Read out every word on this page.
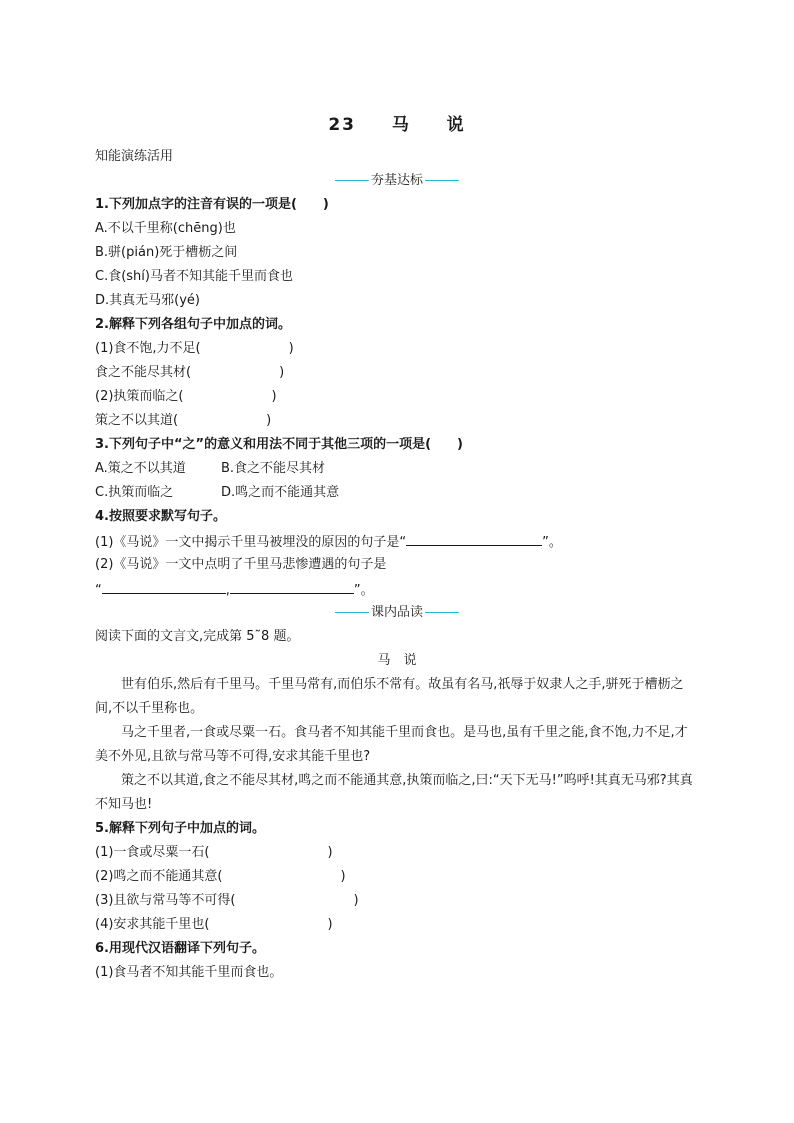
23 马 说
知能演练活用
夯基达标
1.下列加点字的注音有误的一项是(　　)
A.不以千里称(chēng)也
B.骈(pián)死于槽枥之间
C.食(shí)马者不知其能千里而食也
D.其真无马邪(yé)
2.解释下列各组句子中加点的词。
(1)食不饱,力不足(	)
食之不能尽其材(	)
(2)执策而临之(	)
策之不以其道(	)
3.下列句子中“之”的意义和用法不同于其他三项的一项是(　　)
A.策之不以其道	B.食之不能尽其材
C.执策而临之	D.鸣之而不能通其意
4.按照要求默写句子。
(1)《马说》一文中揭示千里马被埋没的原因的句子是“	”。
(2)《马说》一文中点明了千里马悲惨遭遇的句子是
“	,	”。
课内品读
阅读下面的文言文,完成第 5˜8 题。
马　说
世有伯乐,然后有千里马。千里马常有,而伯乐不常有。故虽有名马,祇辱于奴隶人之手,骈死于槽枥之间,不以千里称也。
马之千里者,一食或尽粟一石。食马者不知其能千里而食也。是马也,虽有千里之能,食不饱,力不足,才美不外见,且欲与常马等不可得,安求其能千里也?
策之不以其道,食之不能尽其材,鸣之而不能通其意,执策而临之,曰:“天下无马!”呜呼!其真无马邪?其真不知马也!
5.解释下列句子中加点的词。
(1)一食或尽粟一石(	)
(2)鸣之而不能通其意(	)
(3)且欲与常马等不可得(	)
(4)安求其能千里也(	)
6.用现代汉语翻译下列句子。
(1)食马者不知其能千里而食也。
